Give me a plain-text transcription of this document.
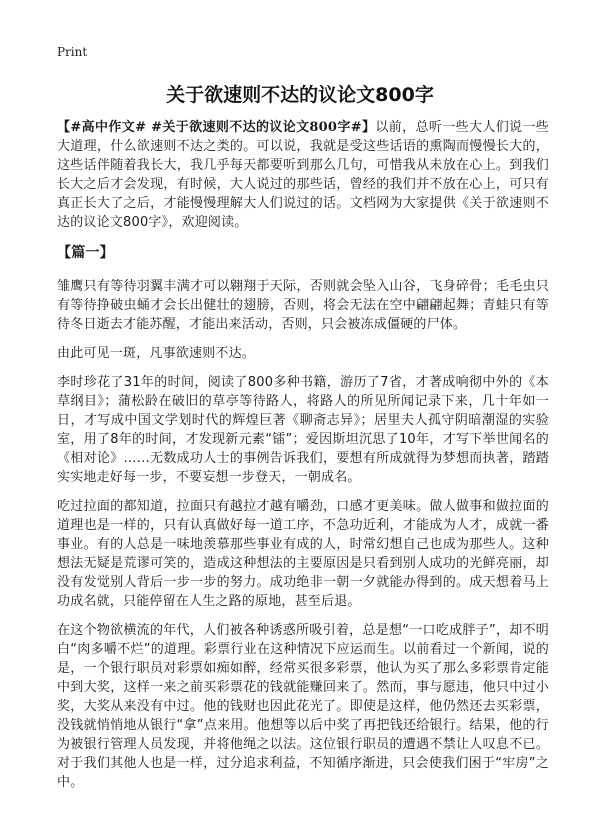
Print
关于欲速则不达的议论文800字

【#高中作文# #关于欲速则不达的议论文800字#】以前，总听一些大人们说一些大道理，什么欲速则不达之类的。可以说，我就是受这些话语的熏陶而慢慢长大的，这些话伴随着我长大，我几乎每天都要听到那么几句，可惜我从未放在心上。到我们长大之后才会发现，有时候，大人说过的那些话，曾经的我们并不放在心上，可只有真正长大了之后，才能慢慢理解大人们说过的话。文档网为大家提供《关于欲速则不达的议论文800字》，欢迎阅读。

【篇一】

雏鹰只有等待羽翼丰满才可以翱翔于天际，否则就会坠入山谷，飞身碎骨；毛毛虫只有等待挣破虫蛹才会长出健壮的翅膀，否则，将会无法在空中翩翩起舞；青蛙只有等待冬日逝去才能苏醒，才能出来活动，否则，只会被冻成僵硬的尸体。

由此可见一斑，凡事欲速则不达。

李时珍花了31年的时间，阅读了800多种书籍，游历了7省，才著成响彻中外的《本草纲目》；蒲松龄在破旧的草亭等待路人，将路人的所见所闻记录下来，几十年如一日，才写成中国文学划时代的辉煌巨著《聊斋志异》；居里夫人孤守阴暗潮湿的实验室，用了8年的时间，才发现新元素“镭”；爱因斯坦沉思了10年，才写下举世闻名的《相对论》……无数成功人士的事例告诉我们，要想有所成就得为梦想而执著，踏踏实实地走好每一步，不要妄想一步登天，一朝成名。

吃过拉面的都知道，拉面只有越拉才越有嚼劲，口感才更美味。做人做事和做拉面的道理也是一样的，只有认真做好每一道工序，不急功近利，才能成为人才，成就一番事业。有的人总是一味地羡慕那些事业有成的人，时常幻想自己也成为那些人。这种想法无疑是荒谬可笑的，造成这种想法的主要原因是只看到别人成功的光鲜亮丽，却没有发觉别人背后一步一步的努力。成功绝非一朝一夕就能办得到的。成天想着马上功成名就，只能停留在人生之路的原地，甚至后退。

在这个物欲横流的年代，人们被各种诱惑所吸引着，总是想“一口吃成胖子”，却不明白“肉多嚼不烂”的道理。彩票行业在这种情况下应运而生。以前看过一个新闻，说的是，一个银行职员对彩票如痴如醉，经常买很多彩票，他认为买了那么多彩票肯定能中到大奖，这样一来之前买彩票花的钱就能赚回来了。然而，事与愿违，他只中过小奖，大奖从来没有中过。他的钱财也因此花光了。即使是这样，他仍然还去买彩票，没钱就悄悄地从银行“拿”点来用。他想等以后中奖了再把钱还给银行。结果，他的行为被银行管理人员发现，并将他绳之以法。这位银行职员的遭遇不禁让人叹息不已。对于我们其他人也是一样，过分追求利益，不知循序渐进，只会使我们困于“牢房”之中。
